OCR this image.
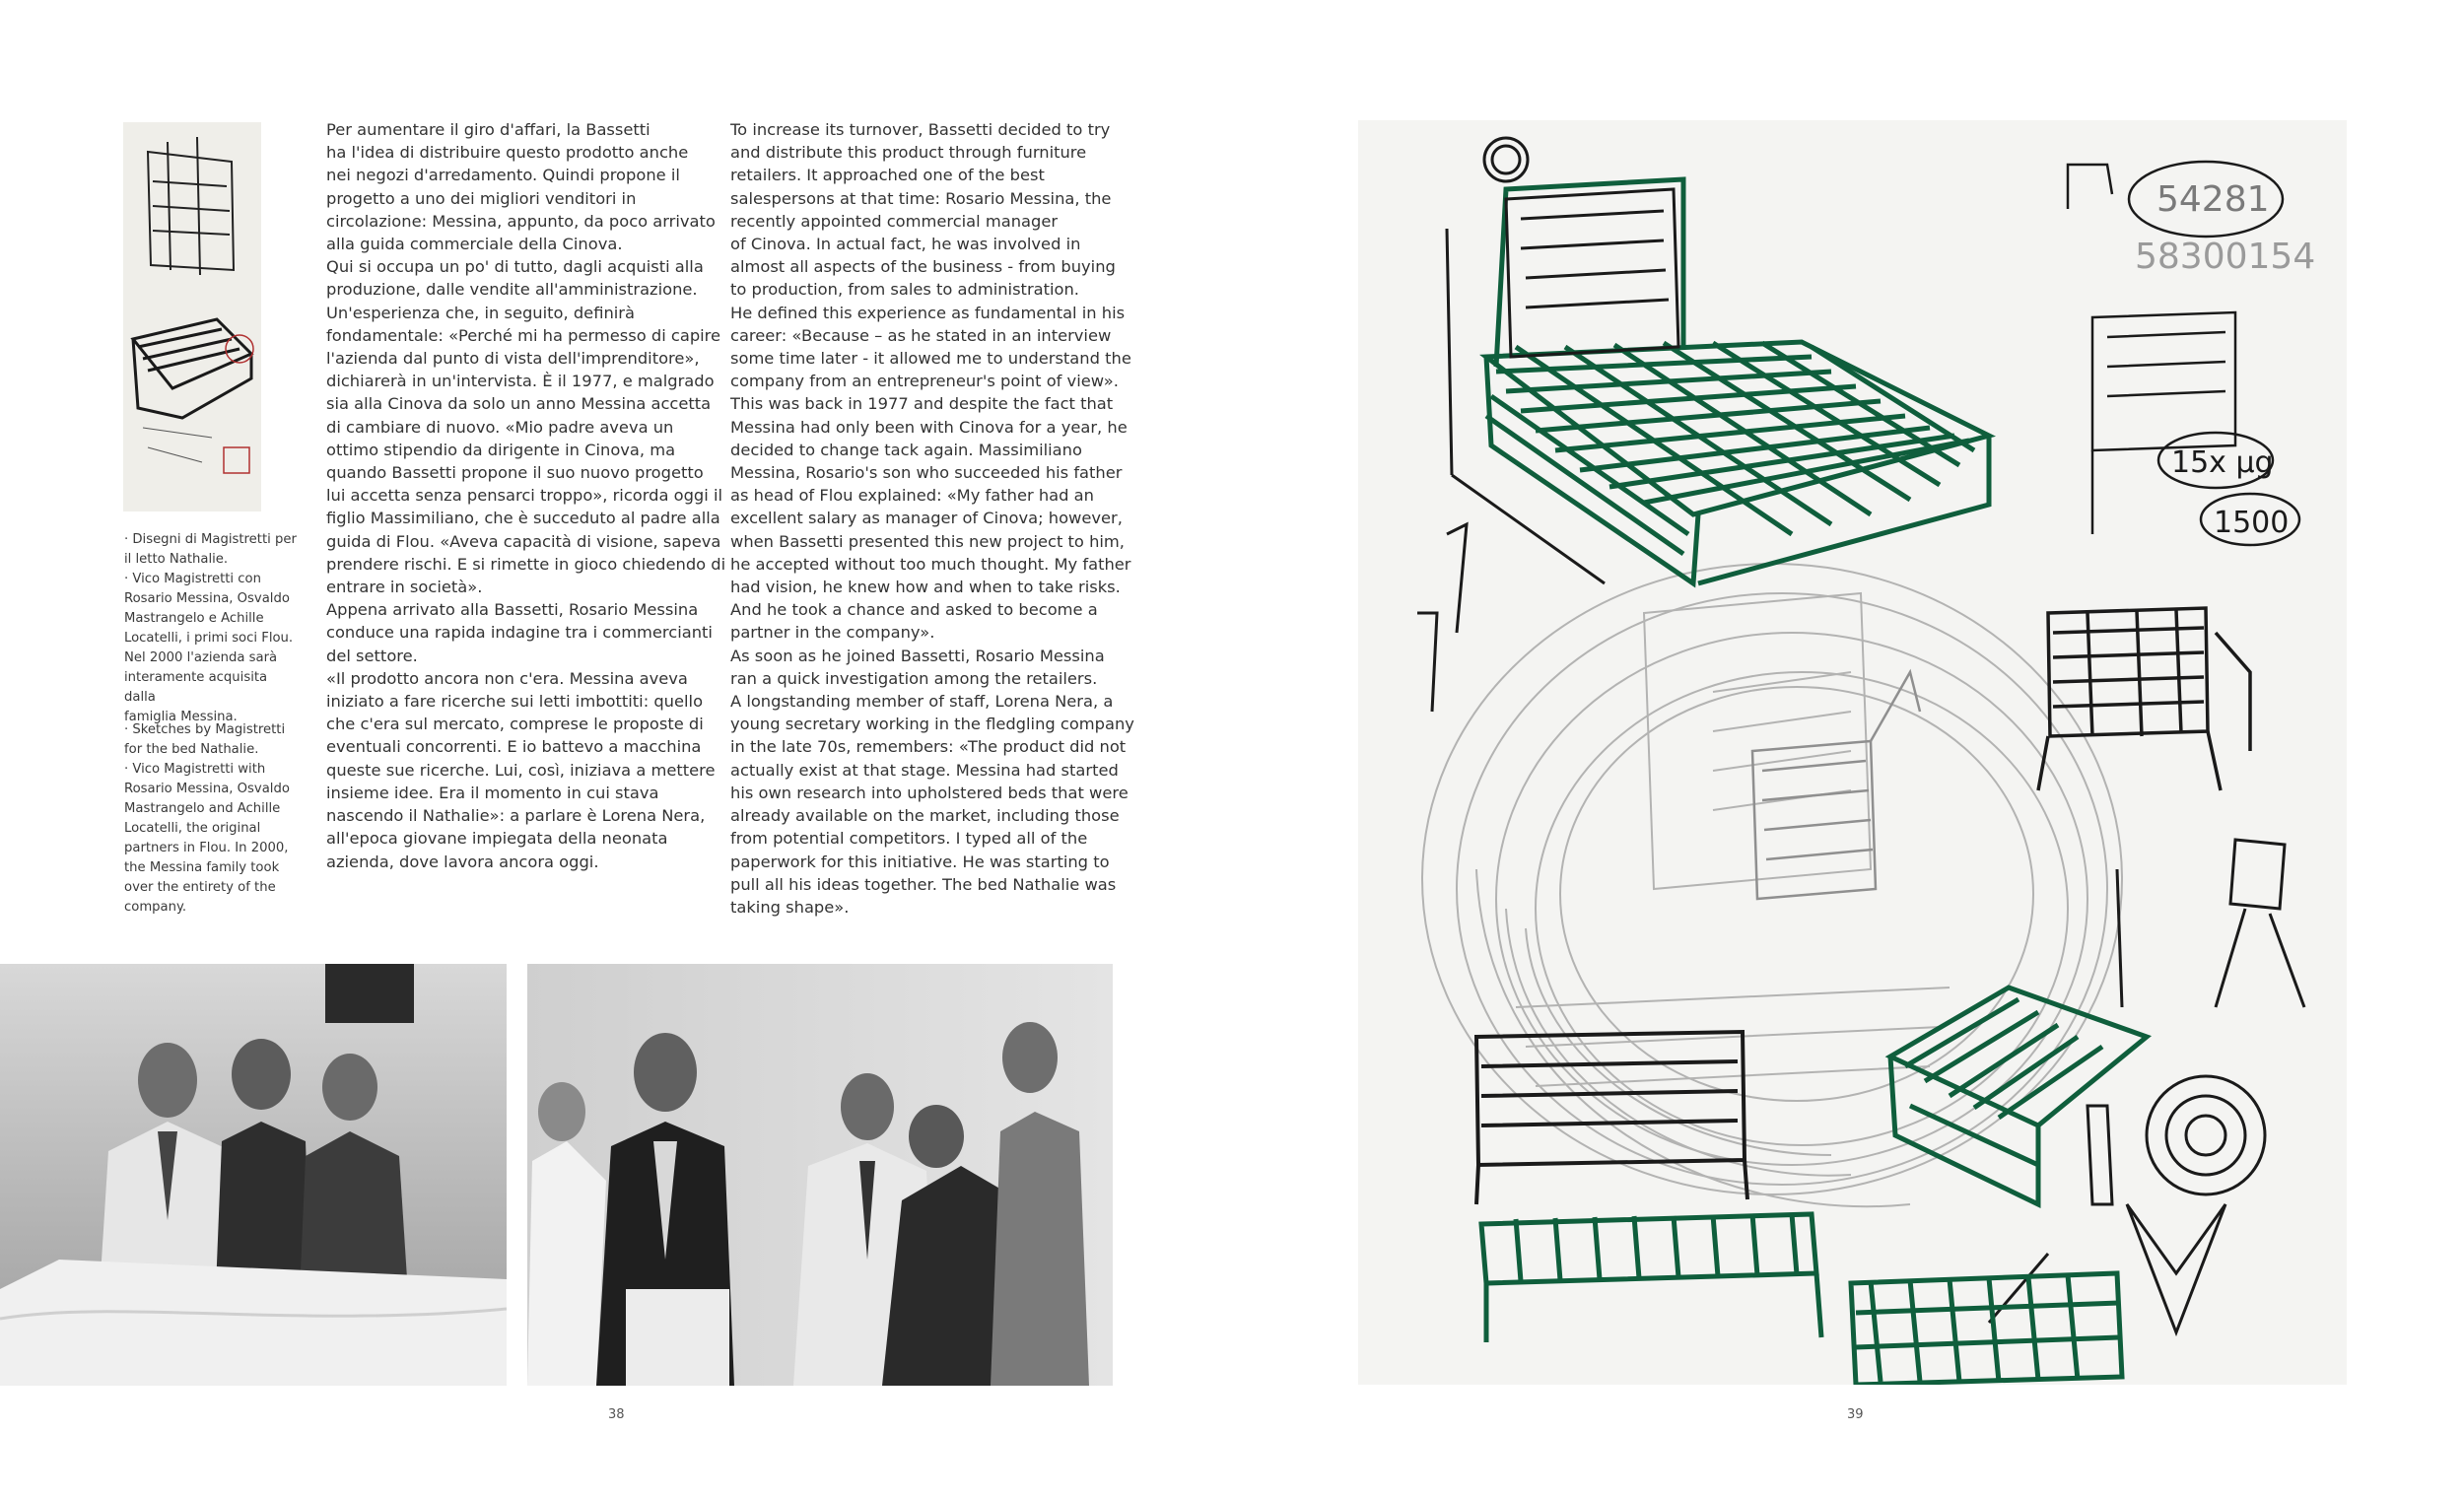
· Disegni di Magistretti per

il letto Nathalie.

· Vico Magistretti con

Rosario Messina, Osvaldo

Mastrangelo e Achille

Locatelli, i primi soci Flou.

Nel 2000 l'azienda sarà

interamente acquisita dalla

famiglia Messina.

· Sketches by Magistretti

for the bed Nathalie.

· Vico Magistretti with

Rosario Messina, Osvaldo

Mastrangelo and Achille

Locatelli, the original

partners in Flou. In 2000,

the Messina family took

over the entirety of the

company.

Per aumentare il giro d'affari, la Bassetti

ha l'idea di distribuire questo prodotto anche

nei negozi d'arredamento. Quindi propone il

progetto a uno dei migliori venditori in

circolazione: Messina, appunto, da poco arrivato

alla guida commerciale della Cinova.

Qui si occupa un po' di tutto, dagli acquisti alla

produzione, dalle vendite all'amministrazione.

Un'esperienza che, in seguito, definirà

fondamentale: «Perché mi ha permesso di capire

l'azienda dal punto di vista dell'imprenditore»,

dichiarerà in un'intervista. È il 1977, e malgrado

sia alla Cinova da solo un anno Messina accetta

di cambiare di nuovo. «Mio padre aveva un

ottimo stipendio da dirigente in Cinova, ma

quando Bassetti propone il suo nuovo progetto

lui accetta senza pensarci troppo», ricorda oggi il

figlio Massimiliano, che è succeduto al padre alla

guida di Flou. «Aveva capacità di visione, sapeva

prendere rischi. E si rimette in gioco chiedendo di

entrare in società».

Appena arrivato alla Bassetti, Rosario Messina

conduce una rapida indagine tra i commercianti

del settore.

«Il prodotto ancora non c'era. Messina aveva

iniziato a fare ricerche sui letti imbottiti: quello

che c'era sul mercato, comprese le proposte di

eventuali concorrenti. E io battevo a macchina

queste sue ricerche. Lui, così, iniziava a mettere

insieme idee. Era il momento in cui stava

nascendo il Nathalie»: a parlare è Lorena Nera,

all'epoca giovane impiegata della neonata

azienda, dove lavora ancora oggi.

To increase its turnover, Bassetti decided to try

and distribute this product through furniture

retailers. It approached one of the best

salespersons at that time: Rosario Messina, the

recently appointed commercial manager

of Cinova. In actual fact, he was involved in

almost all aspects of the business - from buying

to production, from sales to administration.

He defined this experience as fundamental in his

career: «Because – as he stated in an interview

some time later - it allowed me to understand the

company from an entrepreneur's point of view».

This was back in 1977 and despite the fact that

Messina had only been with Cinova for a year, he

decided to change tack again. Massimiliano

Messina, Rosario's son who succeeded his father

as head of Flou explained: «My father had an

excellent salary as manager of Cinova; however,

when Bassetti presented this new project to him,

he accepted without too much thought. My father

had vision, he knew how and when to take risks.

And he took a chance and asked to become a

partner in the company».

As soon as he joined Bassetti, Rosario Messina

ran a quick investigation among the retailers.

A longstanding member of staff, Lorena Nera, a

young secretary working in the fledgling company

in the late 70s, remembers: «The product did not

actually exist at that stage. Messina had started

his own research into upholstered beds that were

already available on the market, including those

from potential competitors. I typed all of the

paperwork for this initiative. He was starting to

pull all his ideas together. The bed Nathalie was

taking shape».

38
54281
58300154
15x μg
1500
39
